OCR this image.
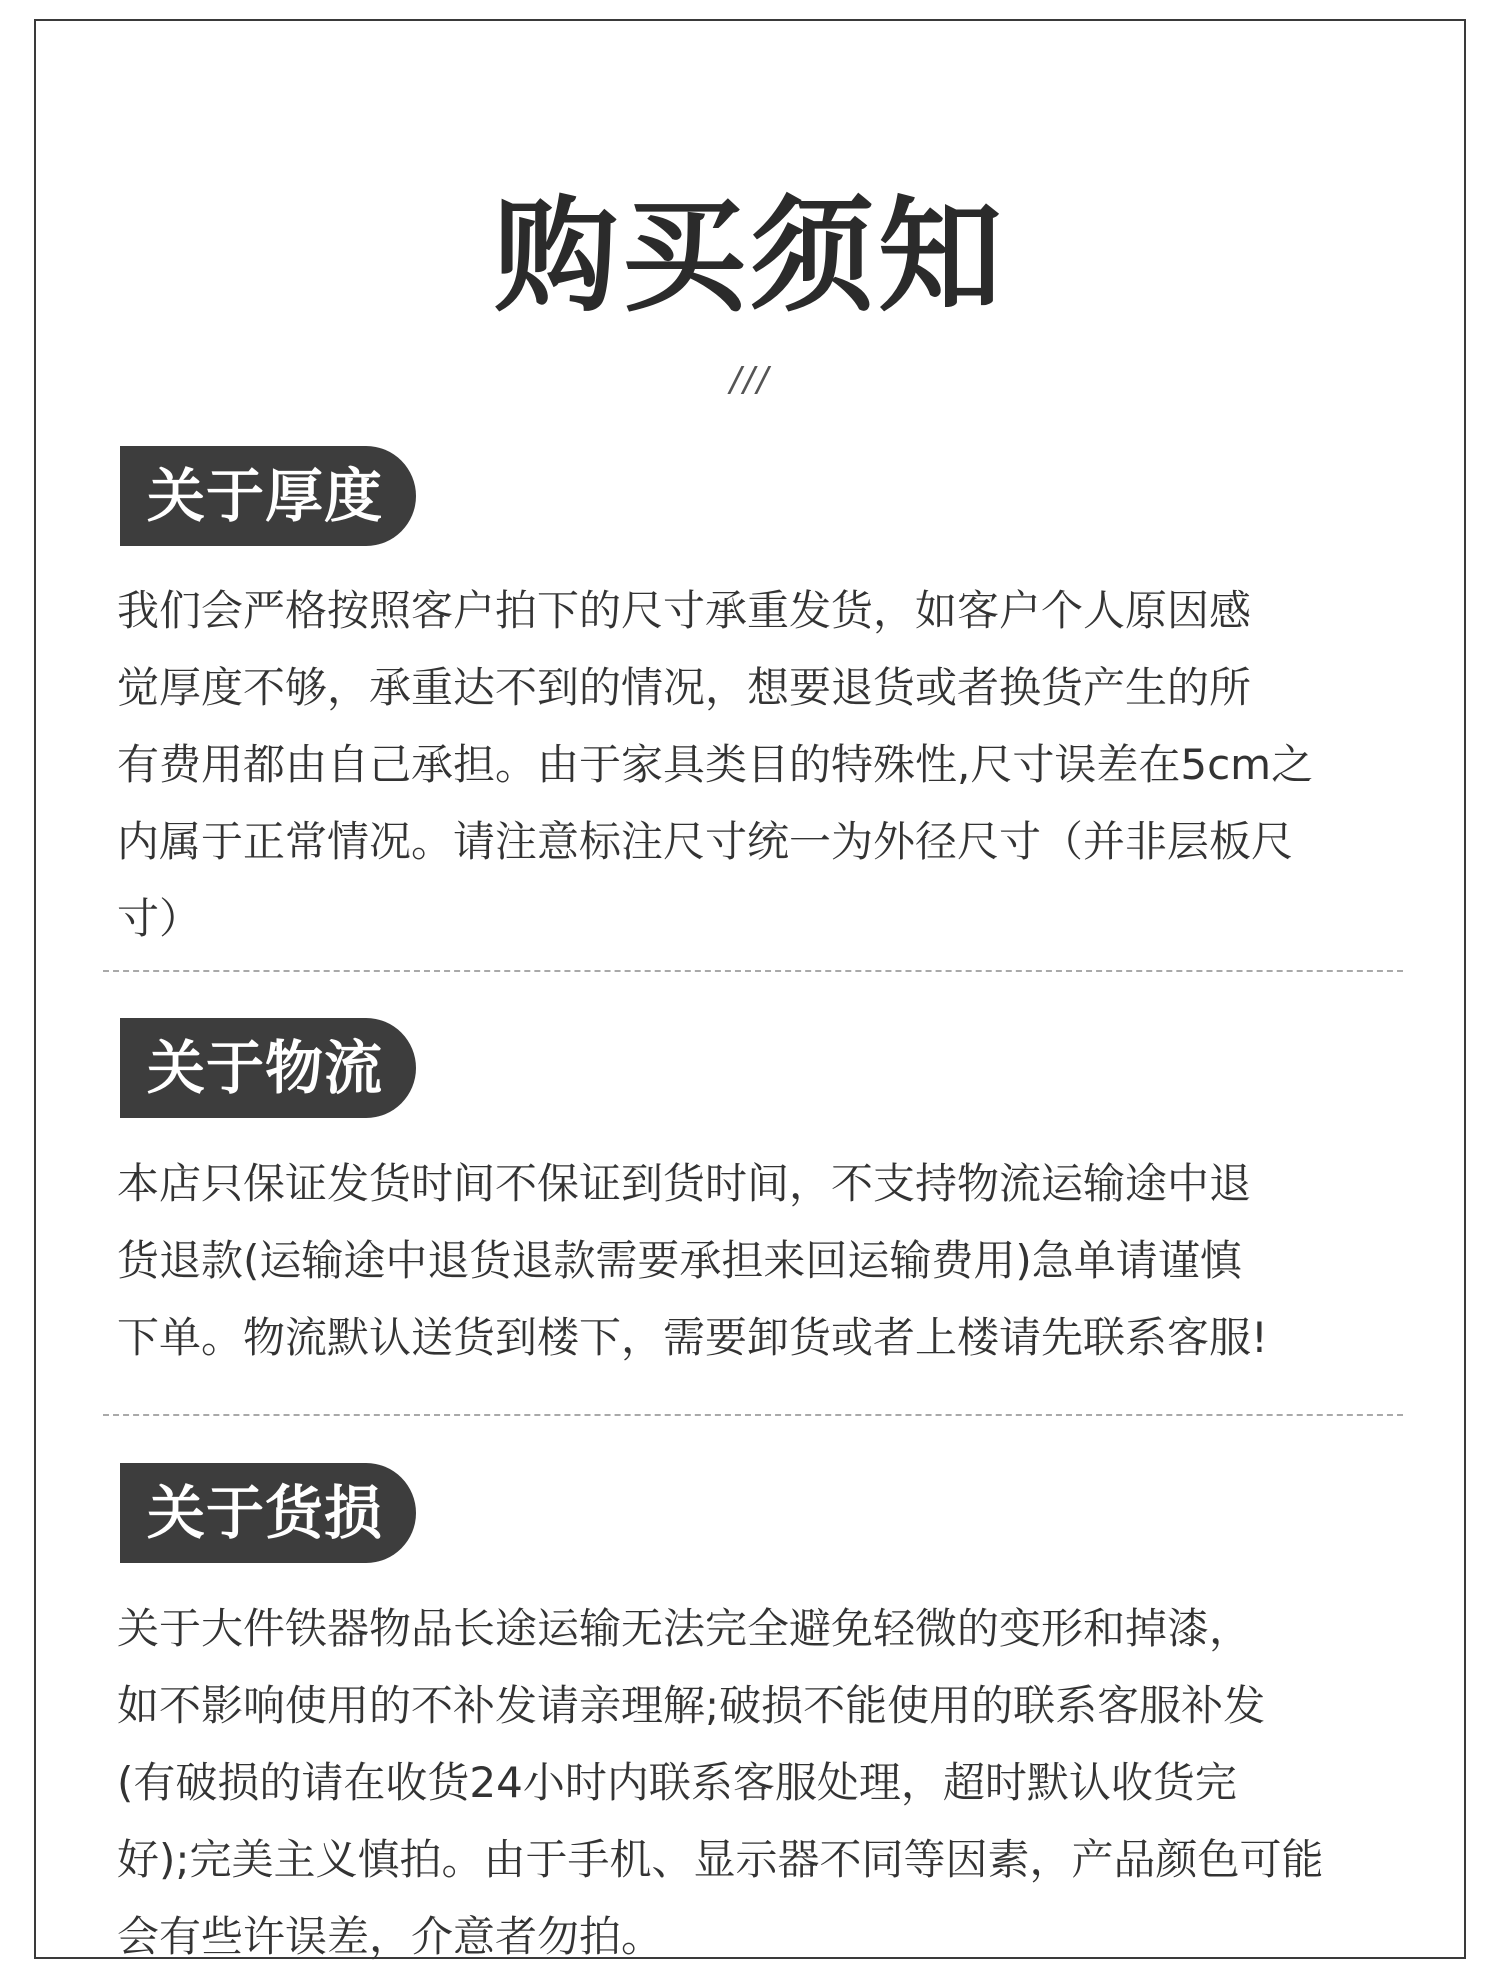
购买须知
///
关于厚度

我们会严格按照客户拍下的尺寸承重发货，如客户个人原因感
觉厚度不够，承重达不到的情况，想要退货或者换货产生的所
有费用都由自己承担。由于家具类目的特殊性,尺寸误差在5cm之
内属于正常情况。请注意标注尺寸统一为外径尺寸（并非层板尺
寸）

关于物流

本店只保证发货时间不保证到货时间，不支持物流运输途中退
货退款(运输途中退货退款需要承担来回运输费用)急单请谨慎
下单。物流默认送货到楼下，需要卸货或者上楼请先联系客服!

关于货损

关于大件铁器物品长途运输无法完全避免轻微的变形和掉漆，
如不影响使用的不补发请亲理解;破损不能使用的联系客服补发
(有破损的请在收货24小时内联系客服处理，超时默认收货完
好);完美主义慎拍。由于手机、显示器不同等因素，产品颜色可能
会有些许误差，介意者勿拍。
